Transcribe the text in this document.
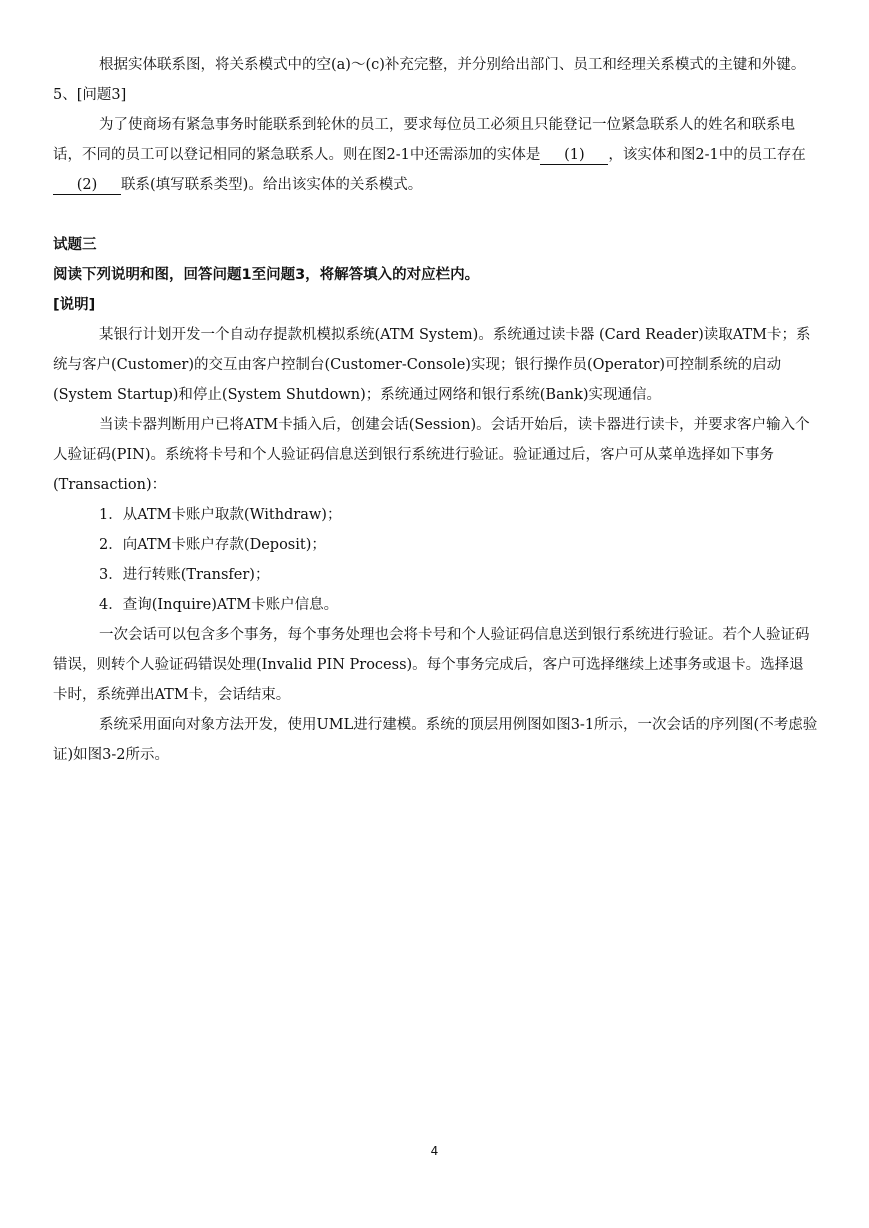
根据实体联系图，将关系模式中的空(a)～(c)补充完整，并分别给出部门、员工和经理关系模式的主键和外键。

5、[问题3]

为了使商场有紧急事务时能联系到轮休的员工，要求每位员工必须且只能登记一位紧急联系人的姓名和联系电话，不同的员工可以登记相同的紧急联系人。则在图2-1中还需添加的实体是 (1) ，该实体和图2-1中的员工存在(2) 联系(填写联系类型)。给出该实体的关系模式。

试题三

阅读下列说明和图，回答问题1至问题3，将解答填入的对应栏内。

[说明]

某银行计划开发一个自动存提款机模拟系统(ATM System)。系统通过读卡器 (Card Reader)读取ATM卡；系统与客户(Customer)的交互由客户控制台(Customer-Console)实现；银行操作员(Operator)可控制系统的启动(System Startup)和停止(System Shutdown)；系统通过网络和银行系统(Bank)实现通信。

当读卡器判断用户已将ATM卡插入后，创建会话(Session)。会话开始后，读卡器进行读卡，并要求客户输入个人验证码(PIN)。系统将卡号和个人验证码信息送到银行系统进行验证。验证通过后，客户可从菜单选择如下事务(Transaction)：

1．从ATM卡账户取款(Withdraw)；

2．向ATM卡账户存款(Deposit)；

3．进行转账(Transfer)；

4．查询(Inquire)ATM卡账户信息。

一次会话可以包含多个事务，每个事务处理也会将卡号和个人验证码信息送到银行系统进行验证。若个人验证码错误，则转个人验证码错误处理(Invalid PIN Process)。每个事务完成后，客户可选择继续上述事务或退卡。选择退卡时，系统弹出ATM卡，会话结束。

系统采用面向对象方法开发，使用UML进行建模。系统的顶层用例图如图3-1所示，一次会话的序列图(不考虑验证)如图3-2所示。

4
